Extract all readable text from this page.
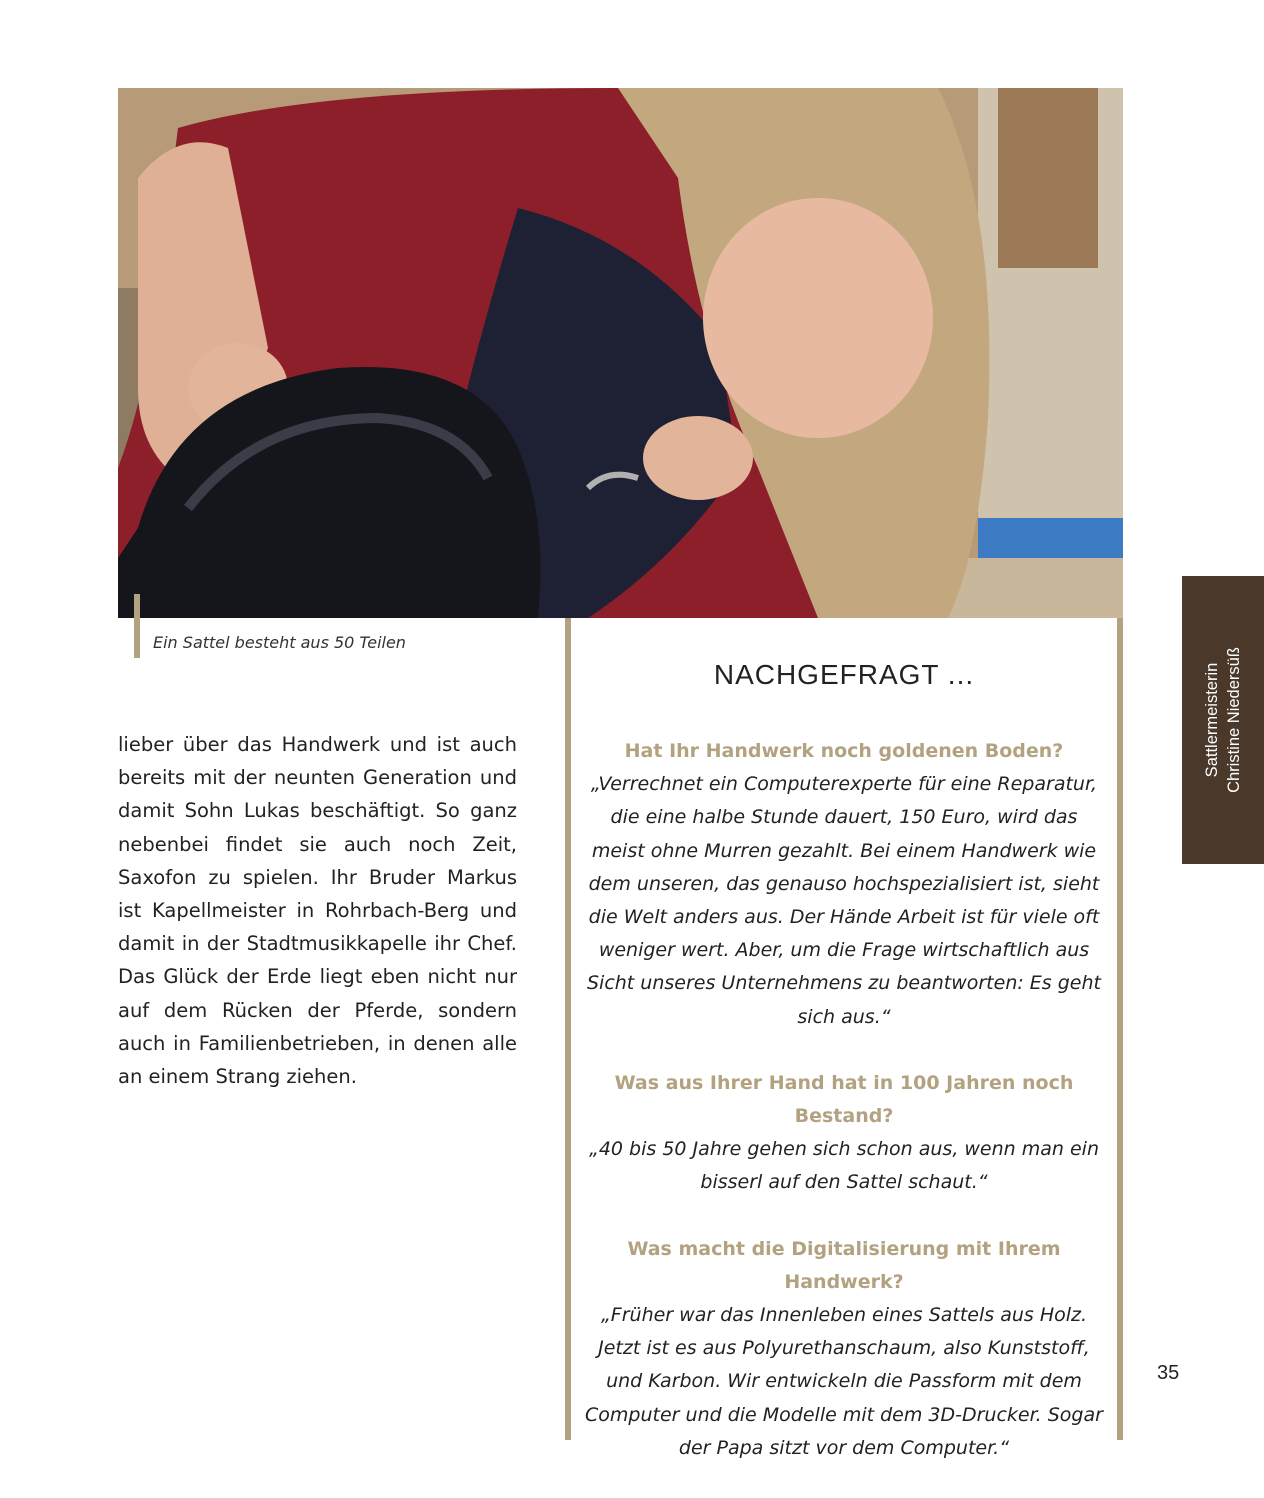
Ein Sattel besteht aus 50 Teilen

lieber über das Handwerk und ist auch bereits mit der neunten Generation und damit Sohn Lukas beschäftigt. So ganz nebenbei findet sie auch noch Zeit, Saxofon zu spielen. Ihr Bruder Markus ist Kapellmeister in Rohrbach-Berg und damit in der Stadtmusikkapelle ihr Chef. Das Glück der Erde liegt eben nicht nur auf dem Rücken der Pferde, sondern auch in Familienbetrieben, in denen alle an einem Strang ziehen.

NACHGEFRAGT ...
Hat Ihr Handwerk noch goldenen Boden?
„Verrechnet ein Computerexperte für eine Reparatur, die eine halbe Stunde dauert, 150 Euro, wird das meist ohne Murren gezahlt. Bei einem Handwerk wie dem unseren, das genauso hochspezialisiert ist, sieht die Welt anders aus. Der Hände Arbeit ist für viele oft weniger wert. Aber, um die Frage wirtschaftlich aus Sicht unseres Unternehmens zu beantworten: Es geht sich aus.“
Was aus Ihrer Hand hat in 100 Jahren noch Bestand?
„40 bis 50 Jahre gehen sich schon aus, wenn man ein bisserl auf den Sattel schaut.“
Was macht die Digitalisierung mit Ihrem Handwerk?
„Früher war das Innenleben eines Sattels aus Holz. Jetzt ist es aus Polyurethanschaum, also Kunststoff, und Karbon. Wir entwickeln die Passform mit dem Computer und die Modelle mit dem 3D-Drucker. Sogar der Papa sitzt vor dem Computer.“
Sattlermeisterin Christine Niedersüß
35
